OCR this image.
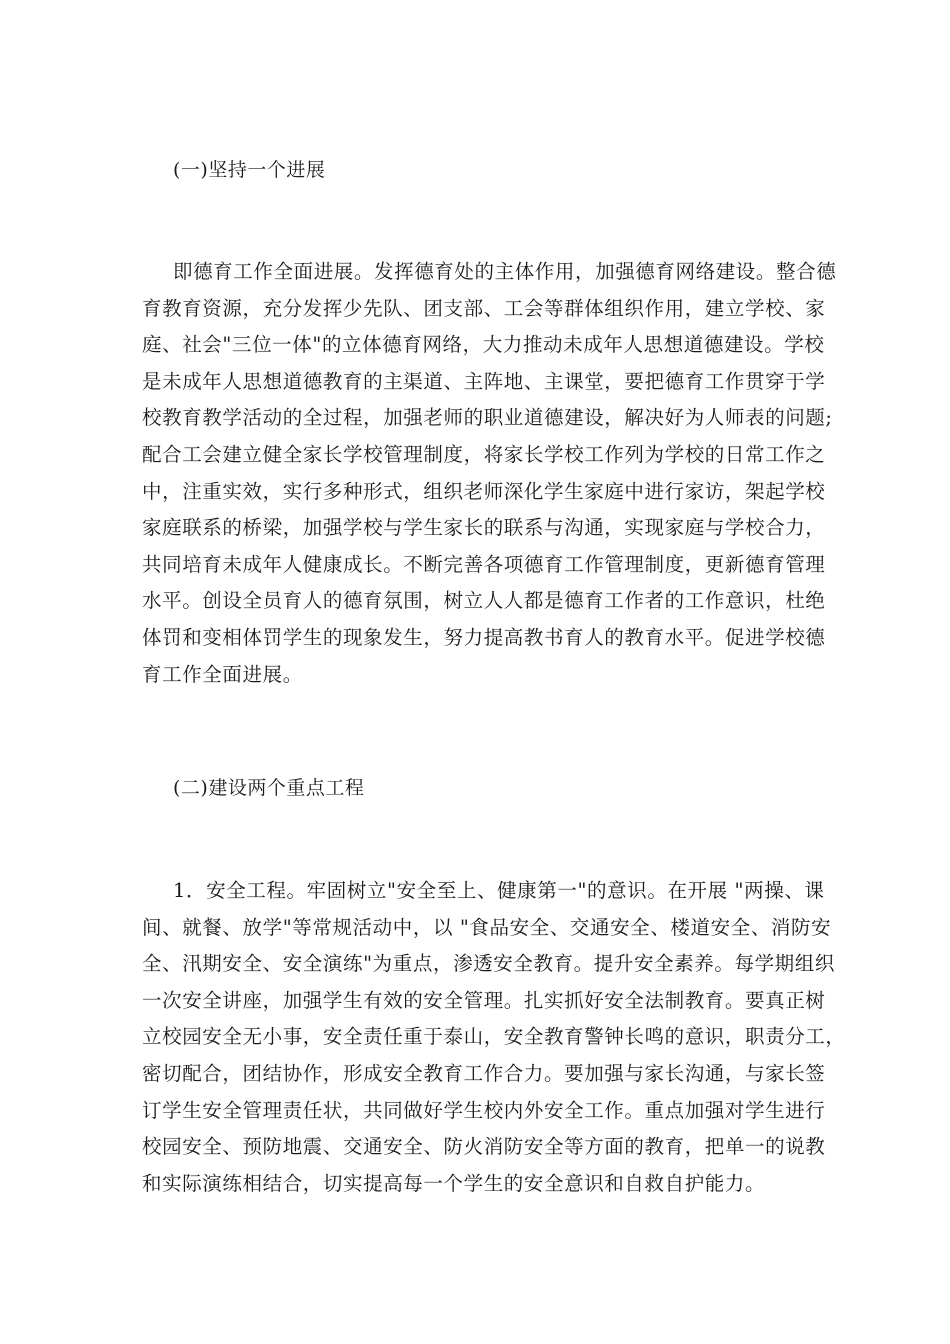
(一)坚持一个进展
即德育工作全面进展。发挥德育处的主体作用，加强德育网络建设。整合德
育教育资源，充分发挥少先队、团支部、工会等群体组织作用，建立学校、家
庭、社会"三位一体"的立体德育网络，大力推动未成年人思想道德建设。学校
是未成年人思想道德教育的主渠道、主阵地、主课堂，要把德育工作贯穿于学
校教育教学活动的全过程，加强老师的职业道德建设，解决好为人师表的问题;
配合工会建立健全家长学校管理制度，将家长学校工作列为学校的日常工作之
中，注重实效，实行多种形式，组织老师深化学生家庭中进行家访，架起学校
家庭联系的桥梁，加强学校与学生家长的联系与沟通，实现家庭与学校合力，
共同培育未成年人健康成长。不断完善各项德育工作管理制度，更新德育管理
水平。创设全员育人的德育氛围，树立人人都是德育工作者的工作意识，杜绝
体罚和变相体罚学生的现象发生，努力提高教书育人的教育水平。促进学校德
育工作全面进展。
(二)建设两个重点工程
1．安全工程。牢固树立"安全至上、健康第一"的意识。在开展 "两操、课
间、就餐、放学"等常规活动中，以 "食品安全、交通安全、楼道安全、消防安
全、汛期安全、安全演练"为重点，渗透安全教育。提升安全素养。每学期组织
一次安全讲座，加强学生有效的安全管理。扎实抓好安全法制教育。要真正树
立校园安全无小事，安全责任重于泰山，安全教育警钟长鸣的意识，职责分工，
密切配合，团结协作，形成安全教育工作合力。要加强与家长沟通，与家长签
订学生安全管理责任状，共同做好学生校内外安全工作。重点加强对学生进行
校园安全、预防地震、交通安全、防火消防安全等方面的教育，把单一的说教
和实际演练相结合，切实提高每一个学生的安全意识和自救自护能力。
